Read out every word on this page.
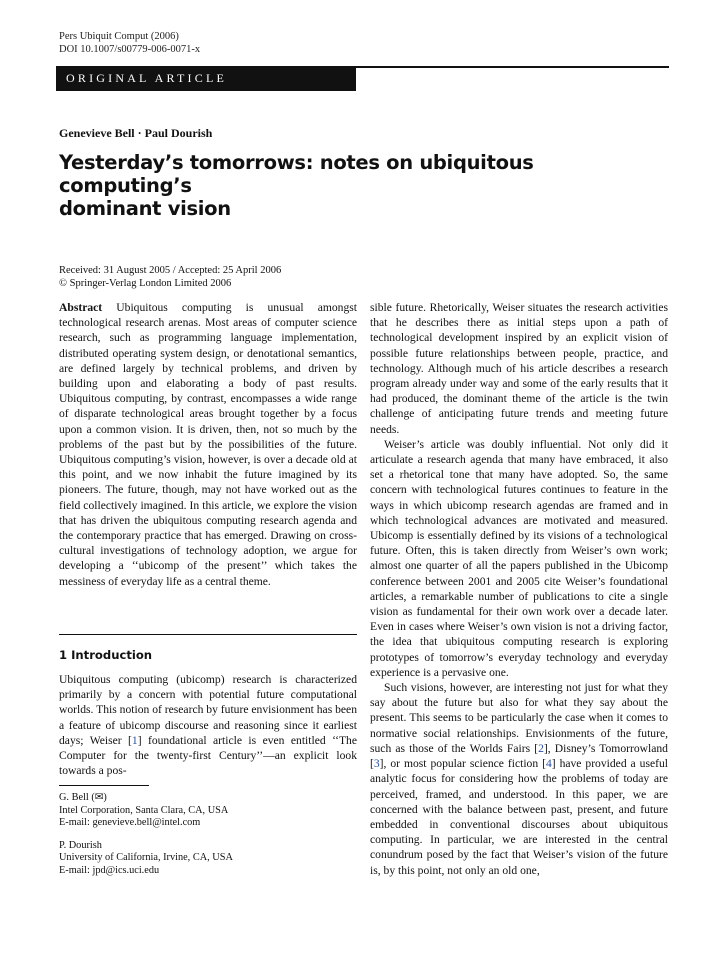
Pers Ubiquit Comput (2006)
DOI 10.1007/s00779-006-0071-x
ORIGINAL ARTICLE
Genevieve Bell · Paul Dourish
Yesterday’s tomorrows: notes on ubiquitous computing’s
dominant vision
Received: 31 August 2005 / Accepted: 25 April 2006
© Springer-Verlag London Limited 2006

Abstract Ubiquitous computing is unusual amongst technological research arenas. Most areas of computer science research, such as programming language implementation, distributed operating system design, or denotational semantics, are defined largely by technical problems, and driven by building upon and elaborating a body of past results. Ubiquitous computing, by contrast, encompasses a wide range of disparate technological areas brought together by a focus upon a common vision. It is driven, then, not so much by the problems of the past but by the possibilities of the future. Ubiquitous computing’s vision, however, is over a decade old at this point, and we now inhabit the future imagined by its pioneers. The future, though, may not have worked out as the field collectively imagined. In this article, we explore the vision that has driven the ubiquitous computing research agenda and the contemporary practice that has emerged. Drawing on cross-cultural investigations of technology adoption, we argue for developing a ‘‘ubicomp of the present’’ which takes the messiness of everyday life as a central theme.

1 Introduction

Ubiquitous computing (ubicomp) research is characterized primarily by a concern with potential future computational worlds. This notion of research by future envisionment has been a feature of ubicomp discourse and reasoning since it earliest days; Weiser [1] foundational article is even entitled ‘‘The Computer for the twenty-first Century’’—an explicit look towards a pos-

G. Bell (✉)
Intel Corporation, Santa Clara, CA, USA
E-mail: genevieve.bell@intel.com
P. Dourish
University of California, Irvine, CA, USA
E-mail: jpd@ics.uci.edu

sible future. Rhetorically, Weiser situates the research activities that he describes there as initial steps upon a path of technological development inspired by an explicit vision of possible future relationships between people, practice, and technology. Although much of his article describes a research program already under way and some of the early results that it had produced, the dominant theme of the article is the twin challenge of anticipating future trends and meeting future needs.

Weiser’s article was doubly influential. Not only did it articulate a research agenda that many have embraced, it also set a rhetorical tone that many have adopted. So, the same concern with technological futures continues to feature in the ways in which ubicomp research agendas are framed and in which technological advances are motivated and measured. Ubicomp is essentially defined by its visions of a technological future. Often, this is taken directly from Weiser’s own work; almost one quarter of all the papers published in the Ubicomp conference between 2001 and 2005 cite Weiser’s foundational articles, a remarkable number of publications to cite a single vision as fundamental for their own work over a decade later. Even in cases where Weiser’s own vision is not a driving factor, the idea that ubiquitous computing research is exploring prototypes of tomorrow’s everyday technology and everyday experience is a pervasive one.

Such visions, however, are interesting not just for what they say about the future but also for what they say about the present. This seems to be particularly the case when it comes to normative social relationships. Envisionments of the future, such as those of the Worlds Fairs [2], Disney’s Tomorrowland [3], or most popular science fiction [4] have provided a useful analytic focus for considering how the problems of today are perceived, framed, and understood. In this paper, we are concerned with the balance between past, present, and future embedded in conventional discourses about ubiquitous computing. In particular, we are interested in the central conundrum posed by the fact that Weiser’s vision of the future is, by this point, not only an old one,
